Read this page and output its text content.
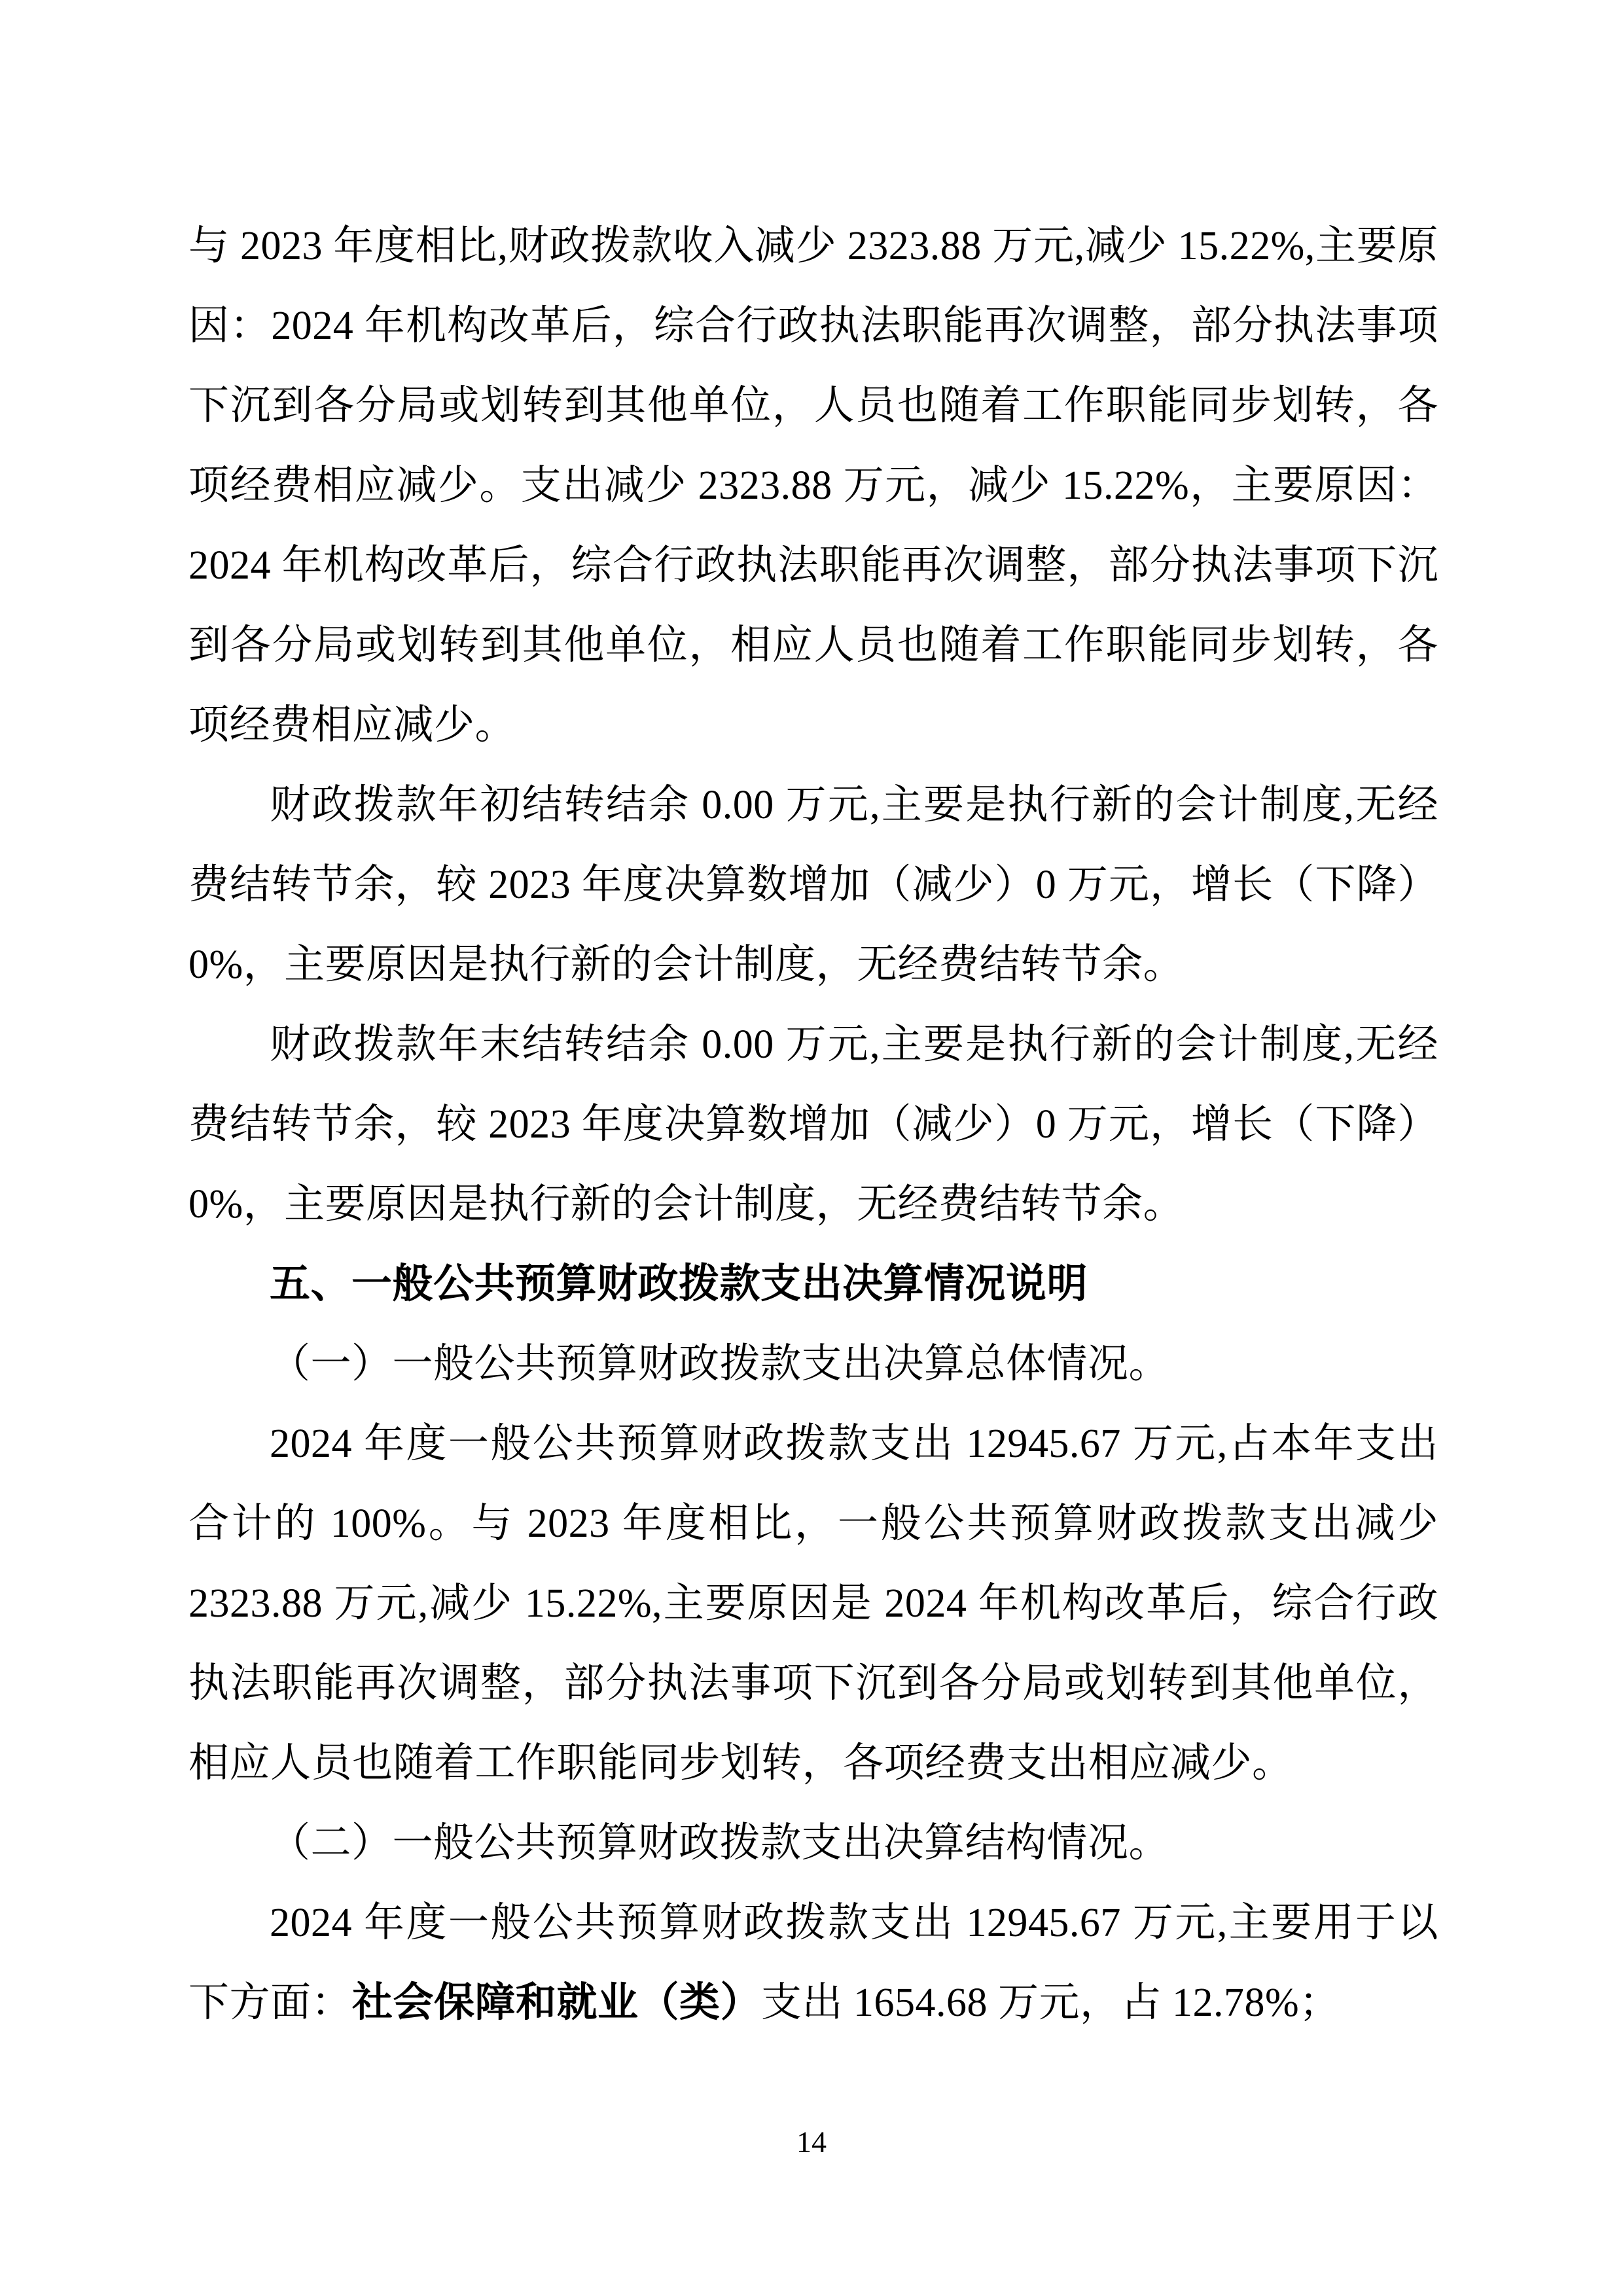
与 2023 年度相比,财政拨款收入减少 2323.88 万元,减少 15.22%,主要原因：2024 年机构改革后，综合行政执法职能再次调整，部分执法事项下沉到各分局或划转到其他单位，人员也随着工作职能同步划转，各项经费相应减少。支出减少 2323.88 万元，减少 15.22%，主要原因：2024 年机构改革后，综合行政执法职能再次调整，部分执法事项下沉到各分局或划转到其他单位，相应人员也随着工作职能同步划转，各项经费相应减少。

财政拨款年初结转结余 0.00 万元,主要是执行新的会计制度,无经费结转节余，较 2023 年度决算数增加（减少）0 万元，增长（下降）0%，主要原因是执行新的会计制度，无经费结转节余。

财政拨款年末结转结余 0.00 万元,主要是执行新的会计制度,无经费结转节余，较 2023 年度决算数增加（减少）0 万元，增长（下降）0%，主要原因是执行新的会计制度，无经费结转节余。

五、一般公共预算财政拨款支出决算情况说明

（一）一般公共预算财政拨款支出决算总体情况。

2024 年度一般公共预算财政拨款支出 12945.67 万元,占本年支出合计的 100%。与 2023 年度相比，一般公共预算财政拨款支出减少 2323.88 万元,减少 15.22%,主要原因是 2024 年机构改革后，综合行政执法职能再次调整，部分执法事项下沉到各分局或划转到其他单位，相应人员也随着工作职能同步划转，各项经费支出相应减少。

（二）一般公共预算财政拨款支出决算结构情况。

2024 年度一般公共预算财政拨款支出 12945.67 万元,主要用于以下方面：社会保障和就业（类）支出 1654.68 万元，占 12.78%；

14
